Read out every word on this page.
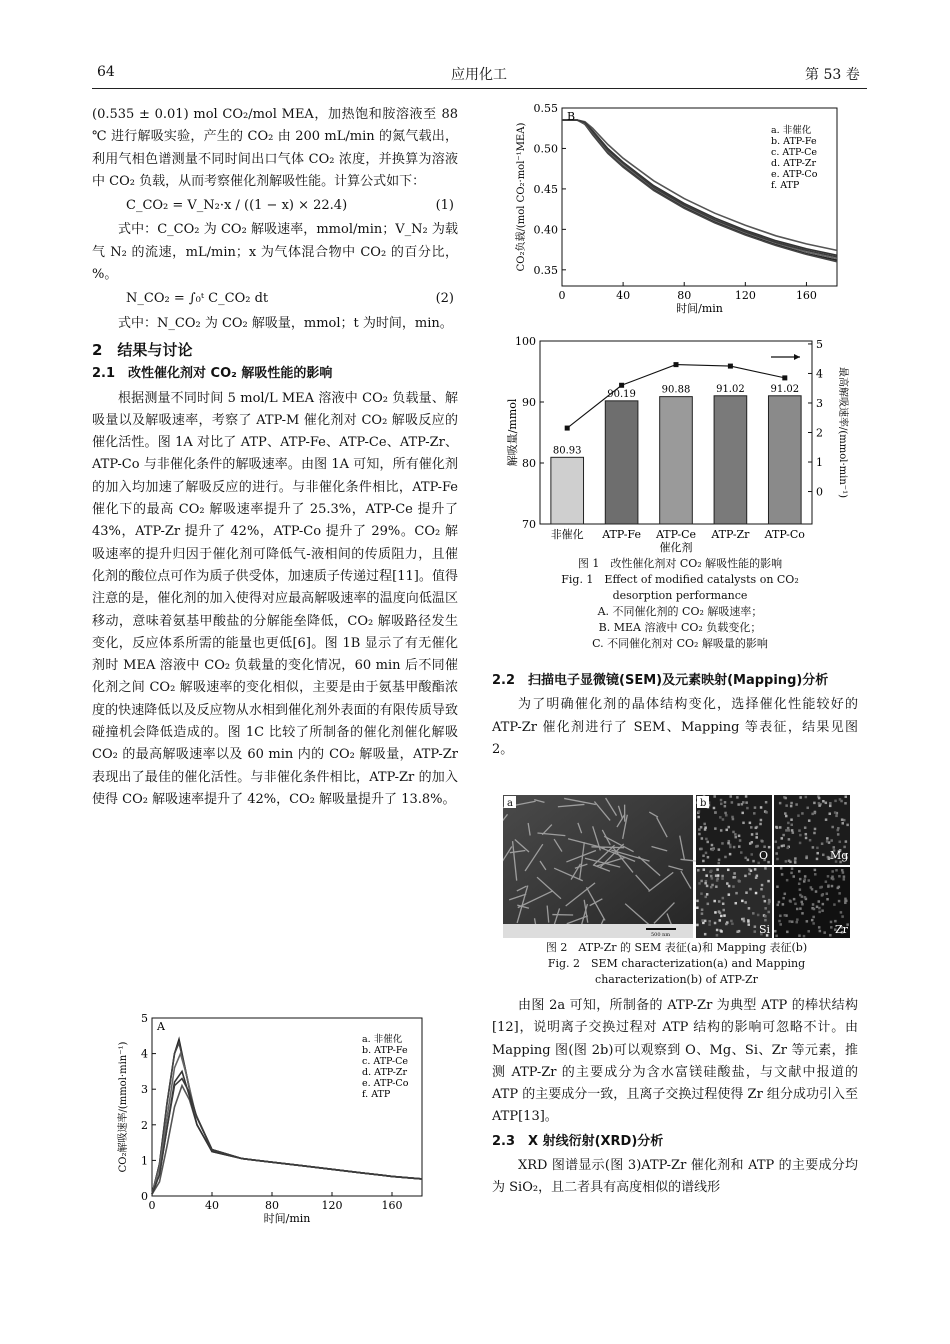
64	应用化工	第 53 卷

(0.535 ± 0.01) mol CO₂/mol MEA，加热饱和胺溶液至 88 ℃ 进行解吸实验，产生的 CO₂ 由 200 mL/min 的氮气载出，利用气相色谱测量不同时间出口气体 CO₂ 浓度，并换算为溶液中 CO₂ 负载，从而考察催化剂解吸性能。计算公式如下：

C_CO₂ = V_N₂·x / ((1 − x) × 22.4)	(1)

式中：C_CO₂ 为 CO₂ 解吸速率，mmol/min；V_N₂ 为载气 N₂ 的流速，mL/min；x 为气体混合物中 CO₂ 的百分比，%。

N_CO₂ = ∫₀ᵗ C_CO₂ dt	(2)

式中：N_CO₂ 为 CO₂ 解吸量，mmol；t 为时间，min。

2　结果与讨论
2.1　改性催化剂对 CO₂ 解吸性能的影响

根据测量不同时间 5 mol/L MEA 溶液中 CO₂ 负载量、解吸量以及解吸速率，考察了 ATP-M 催化剂对 CO₂ 解吸反应的催化活性。图 1A 对比了 ATP、ATP-Fe、ATP-Ce、ATP-Zr、ATP-Co 与非催化条件的解吸速率。由图 1A 可知，所有催化剂的加入均加速了解吸反应的进行。与非催化条件相比，ATP-Fe 催化下的最高 CO₂ 解吸速率提升了 25.3%，ATP-Ce 提升了 43%，ATP-Zr 提升了 42%，ATP-Co 提升了 29%。CO₂ 解吸速率的提升归因于催化剂可降低气-液相间的传质阻力，且催化剂的酸位点可作为质子供受体，加速质子传递过程[11]。值得注意的是，催化剂的加入使得对应最高解吸速率的温度向低温区移动，意味着氨基甲酸盐的分解能垒降低，CO₂ 解吸路径发生变化，反应体系所需的能量也更低[6]。图 1B 显示了有无催化剂时 MEA 溶液中 CO₂ 负载量的变化情况，60 min 后不同催化剂之间 CO₂ 解吸速率的变化相似，主要是由于氨基甲酸酯浓度的快速降低以及反应物从水相到催化剂外表面的有限传质导致碰撞机会降低造成的。图 1C 比较了所制备的催化剂催化解吸 CO₂ 的最高解吸速率以及 60 min 内的 CO₂ 解吸量，ATP-Zr 表现出了最佳的催化活性。与非催化条件相比，ATP-Zr 的加入使得 CO₂ 解吸速率提升了 42%，CO₂ 解吸量提升了 13.8%。

0	40	80	120	160
0
1
2
3
4
5
时间/min
CO₂解吸速率/(mmol·min⁻¹)
A
a. 非催化
b. ATP-Fe
c. ATP-Ce
d. ATP-Zr
e. ATP-Co
f. ATP
0	40	80	120	160
0.35
0.40
0.45
0.50
0.55
时间/min
CO₂负载/(mol CO₂·mol⁻¹MEA)
B
a. 非催化
b. ATP-Fe
c. ATP-Ce
d. ATP-Zr
e. ATP-Co
f. ATP
70
80
90
100
0
1
2
3
4
5
80.93
非催化
90.19
ATP-Fe
90.88
ATP-Ce
91.02
ATP-Zr
91.02
ATP-Co
催化剂
解吸量/mmol	最高解吸速率/(mmol·min⁻¹)
图 1　改性催化剂对 CO₂ 解吸性能的影响
Fig. 1　Effect of modified catalysts on CO₂
desorption performance
A. 不同催化剂的 CO₂ 解吸速率；
B. MEA 溶液中 CO₂ 负载变化；
C. 不同催化剂对 CO₂ 解吸量的影响
2.2　扫描电子显微镜(SEM)及元素映射(Mapping)分析

为了明确催化剂的晶体结构变化，选择催化性能较好的 ATP-Zr 催化剂进行了 SEM、Mapping 等表征，结果见图 2。

500 nm
a	b
O	Mg
Si	Zr
图 2　ATP-Zr 的 SEM 表征(a)和 Mapping 表征(b)
Fig. 2　SEM characterization(a) and Mapping
characterization(b) of ATP-Zr

由图 2a 可知，所制备的 ATP-Zr 为典型 ATP 的棒状结构[12]，说明离子交换过程对 ATP 结构的影响可忽略不计。由 Mapping 图(图 2b)可以观察到 O、Mg、Si、Zr 等元素，推测 ATP-Zr 的主要成分为含水富镁硅酸盐，与文献中报道的 ATP 的主要成分一致，且离子交换过程使得 Zr 组分成功引入至 ATP[13]。

2.3　X 射线衍射(XRD)分析

XRD 图谱显示(图 3)ATP-Zr 催化剂和 ATP 的主要成分均为 SiO₂，且二者具有高度相似的谱线形
